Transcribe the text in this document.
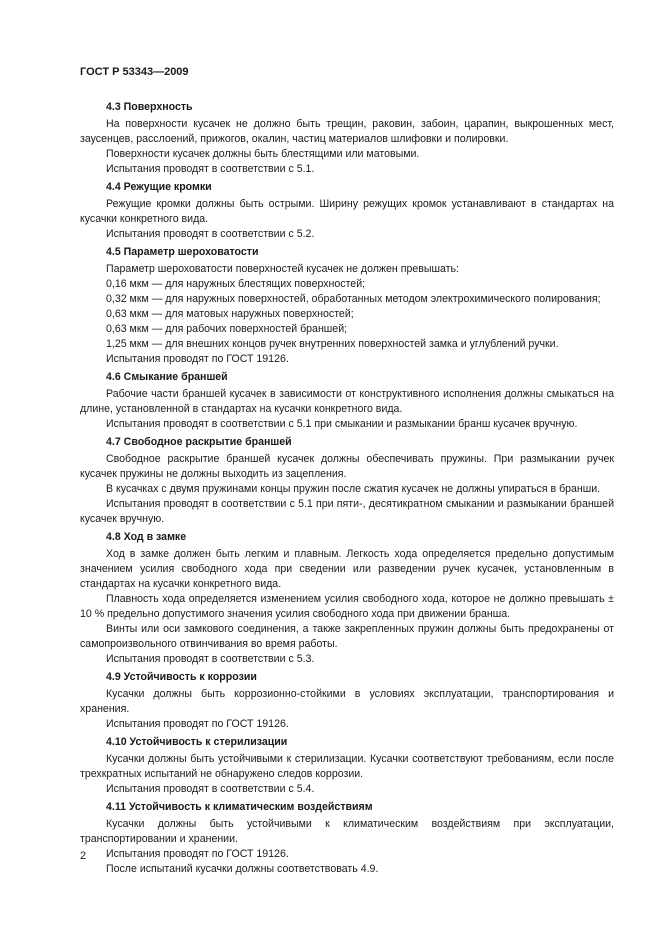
ГОСТ Р 53343—2009
4.3 Поверхность

На поверхности кусачек не должно быть трещин, раковин, забоин, царапин, выкрошенных мест, заусенцев, расслоений, прижогов, окалин, частиц материалов шлифовки и полировки.

Поверхности кусачек должны быть блестящими или матовыми.

Испытания проводят в соответствии с 5.1.

4.4 Режущие кромки

Режущие кромки должны быть острыми. Ширину режущих кромок устанавливают в стандартах на кусачки конкретного вида.

Испытания проводят в соответствии с 5.2.

4.5 Параметр шероховатости

Параметр шероховатости поверхностей кусачек не должен превышать:

0,16 мкм — для наружных блестящих поверхностей;

0,32 мкм — для наружных поверхностей, обработанных методом электрохимического полирования;

0,63 мкм — для матовых наружных поверхностей;

0,63 мкм — для рабочих поверхностей браншей;

1,25 мкм — для внешних концов ручек внутренних поверхностей замка и углублений ручки.

Испытания проводят по ГОСТ 19126.

4.6 Смыкание браншей

Рабочие части браншей кусачек в зависимости от конструктивного исполнения должны смыкаться на длине, установленной в стандартах на кусачки конкретного вида.

Испытания проводят в соответствии с 5.1 при смыкании и размыкании бранш кусачек вручную.

4.7 Свободное раскрытие браншей

Свободное раскрытие браншей кусачек должны обеспечивать пружины. При размыкании ручек кусачек пружины не должны выходить из зацепления.

В кусачках с двумя пружинами концы пружин после сжатия кусачек не должны упираться в бранши.

Испытания проводят в соответствии с 5.1 при пяти-, десятикратном смыкании и размыкании браншей кусачек вручную.

4.8 Ход в замке

Ход в замке должен быть легким и плавным. Легкость хода определяется предельно допустимым значением усилия свободного хода при сведении или разведении ручек кусачек, установленным в стандартах на кусачки конкретного вида.

Плавность хода определяется изменением усилия свободного хода, которое не должно превышать ± 10 % предельно допустимого значения усилия свободного хода при движении бранша.

Винты или оси замкового соединения, а также закрепленных пружин должны быть предохранены от самопроизвольного отвинчивания во время работы.

Испытания проводят в соответствии с 5.3.

4.9 Устойчивость к коррозии

Кусачки должны быть коррозионно-стойкими в условиях эксплуатации, транспортирования и хранения.

Испытания проводят по ГОСТ 19126.

4.10 Устойчивость к стерилизации

Кусачки должны быть устойчивыми к стерилизации. Кусачки соответствуют требованиям, если после трехкратных испытаний не обнаружено следов коррозии.

Испытания проводят в соответствии с 5.4.

4.11 Устойчивость к климатическим воздействиям

Кусачки должны быть устойчивыми к климатическим воздействиям при эксплуатации, транспортировании и хранении.

Испытания проводят по ГОСТ 19126.

После испытаний кусачки должны соответствовать 4.9.

2
